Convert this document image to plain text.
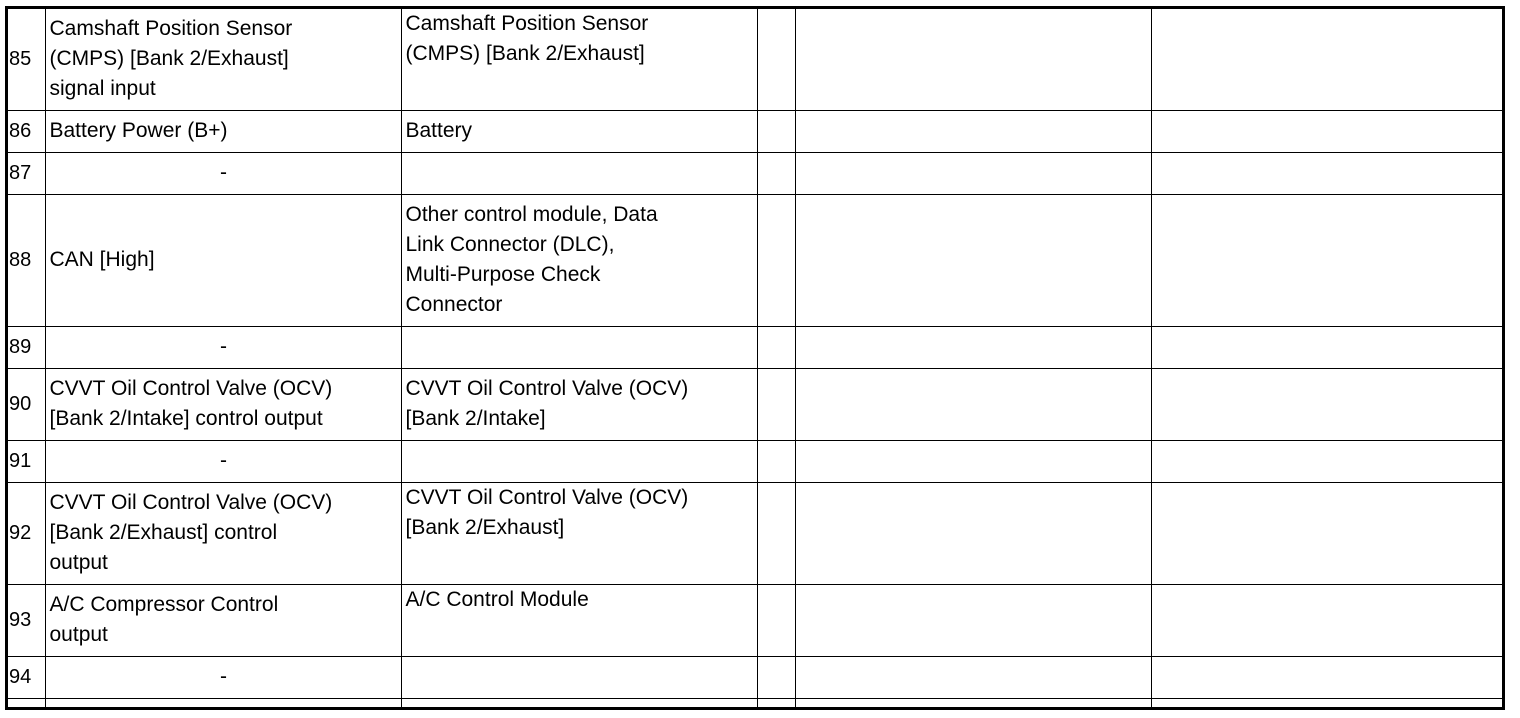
85	Camshaft Position Sensor
(CMPS) [Bank 2/Exhaust]
signal input	Camshaft Position Sensor
(CMPS) [Bank 2/Exhaust]			
86	Battery Power (B+)	Battery			
87	-				
88	CAN [High]	Other control module, Data
Link Connector (DLC),
Multi-Purpose Check
Connector			
89	-				
90	CVVT Oil Control Valve (OCV)
[Bank 2/Intake] control output	CVVT Oil Control Valve (OCV)
[Bank 2/Intake]			
91	-				
92	CVVT Oil Control Valve (OCV)
[Bank 2/Exhaust] control
output	CVVT Oil Control Valve (OCV)
[Bank 2/Exhaust]			
93	A/C Compressor Control
output	A/C Control Module			
94	-				
